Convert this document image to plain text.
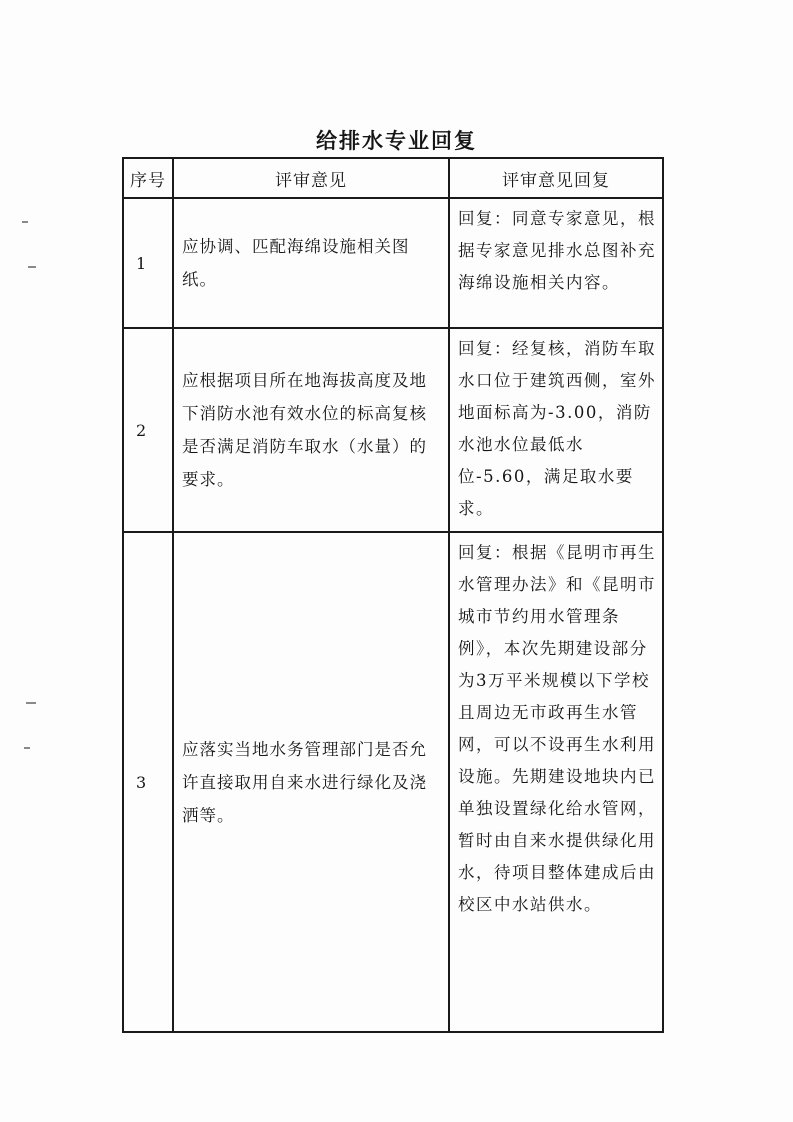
给排水专业回复
序号	评审意见	评审意见回复
1	应协调、匹配海绵设施相关图纸。	回复：同意专家意见，根据专家意见排水总图补充海绵设施相关内容。
2	应根据项目所在地海拔高度及地下消防水池有效水位的标高复核是否满足消防车取水（水量）的要求。	回复：经复核，消防车取水口位于建筑西侧，室外地面标高为-3.00，消防水池水位最低水位-5.60，满足取水要求。
3	应落实当地水务管理部门是否允许直接取用自来水进行绿化及浇洒等。	回复：根据《昆明市再生水管理办法》和《昆明市城市节约用水管理条例》，本次先期建设部分为3万平米规模以下学校且周边无市政再生水管网，可以不设再生水利用设施。先期建设地块内已单独设置绿化给水管网，暂时由自来水提供绿化用水，待项目整体建成后由校区中水站供水。
